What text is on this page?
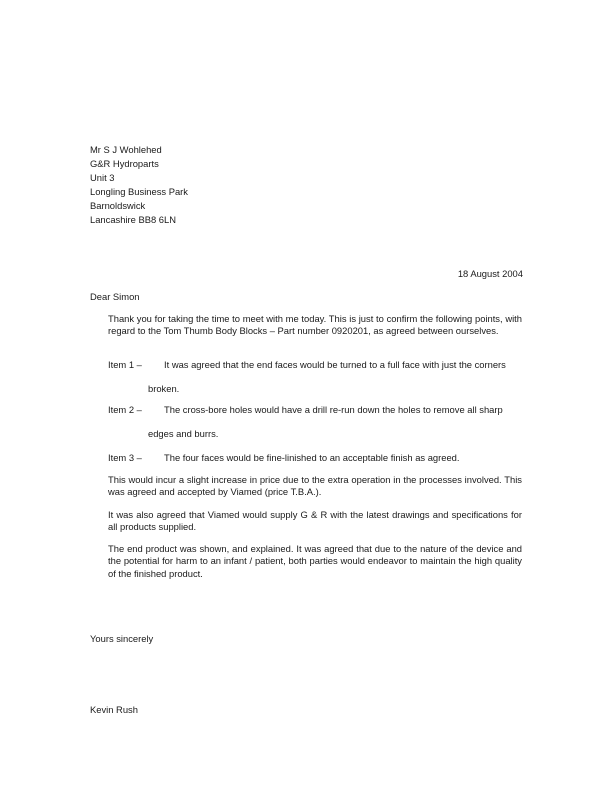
Mr S J Wohlehed
G&R Hydroparts
Unit 3
Longling Business Park
Barnoldswick
Lancashire BB8 6LN
18 August 2004
Dear Simon
Thank you for taking the time to meet with me today. This is just to confirm the following points, with regard to the Tom Thumb Body Blocks – Part number 0920201, as agreed between ourselves.
Item 1 – It was agreed that the end faces would be turned to a full face with just the corners
broken.
Item 2 – The cross-bore holes would have a drill re-run down the holes to remove all sharp
edges and burrs.
Item 3 – The four faces would be fine-linished to an acceptable finish as agreed.
This would incur a slight increase in price due to the extra operation in the processes involved. This was agreed and accepted by Viamed (price T.B.A.).
It was also agreed that Viamed would supply G & R with the latest drawings and specifications for all products supplied.
The end product was shown, and explained. It was agreed that due to the nature of the device and the potential for harm to an infant / patient, both parties would endeavor to maintain the high quality of the finished product.
Yours sincerely
Kevin Rush
